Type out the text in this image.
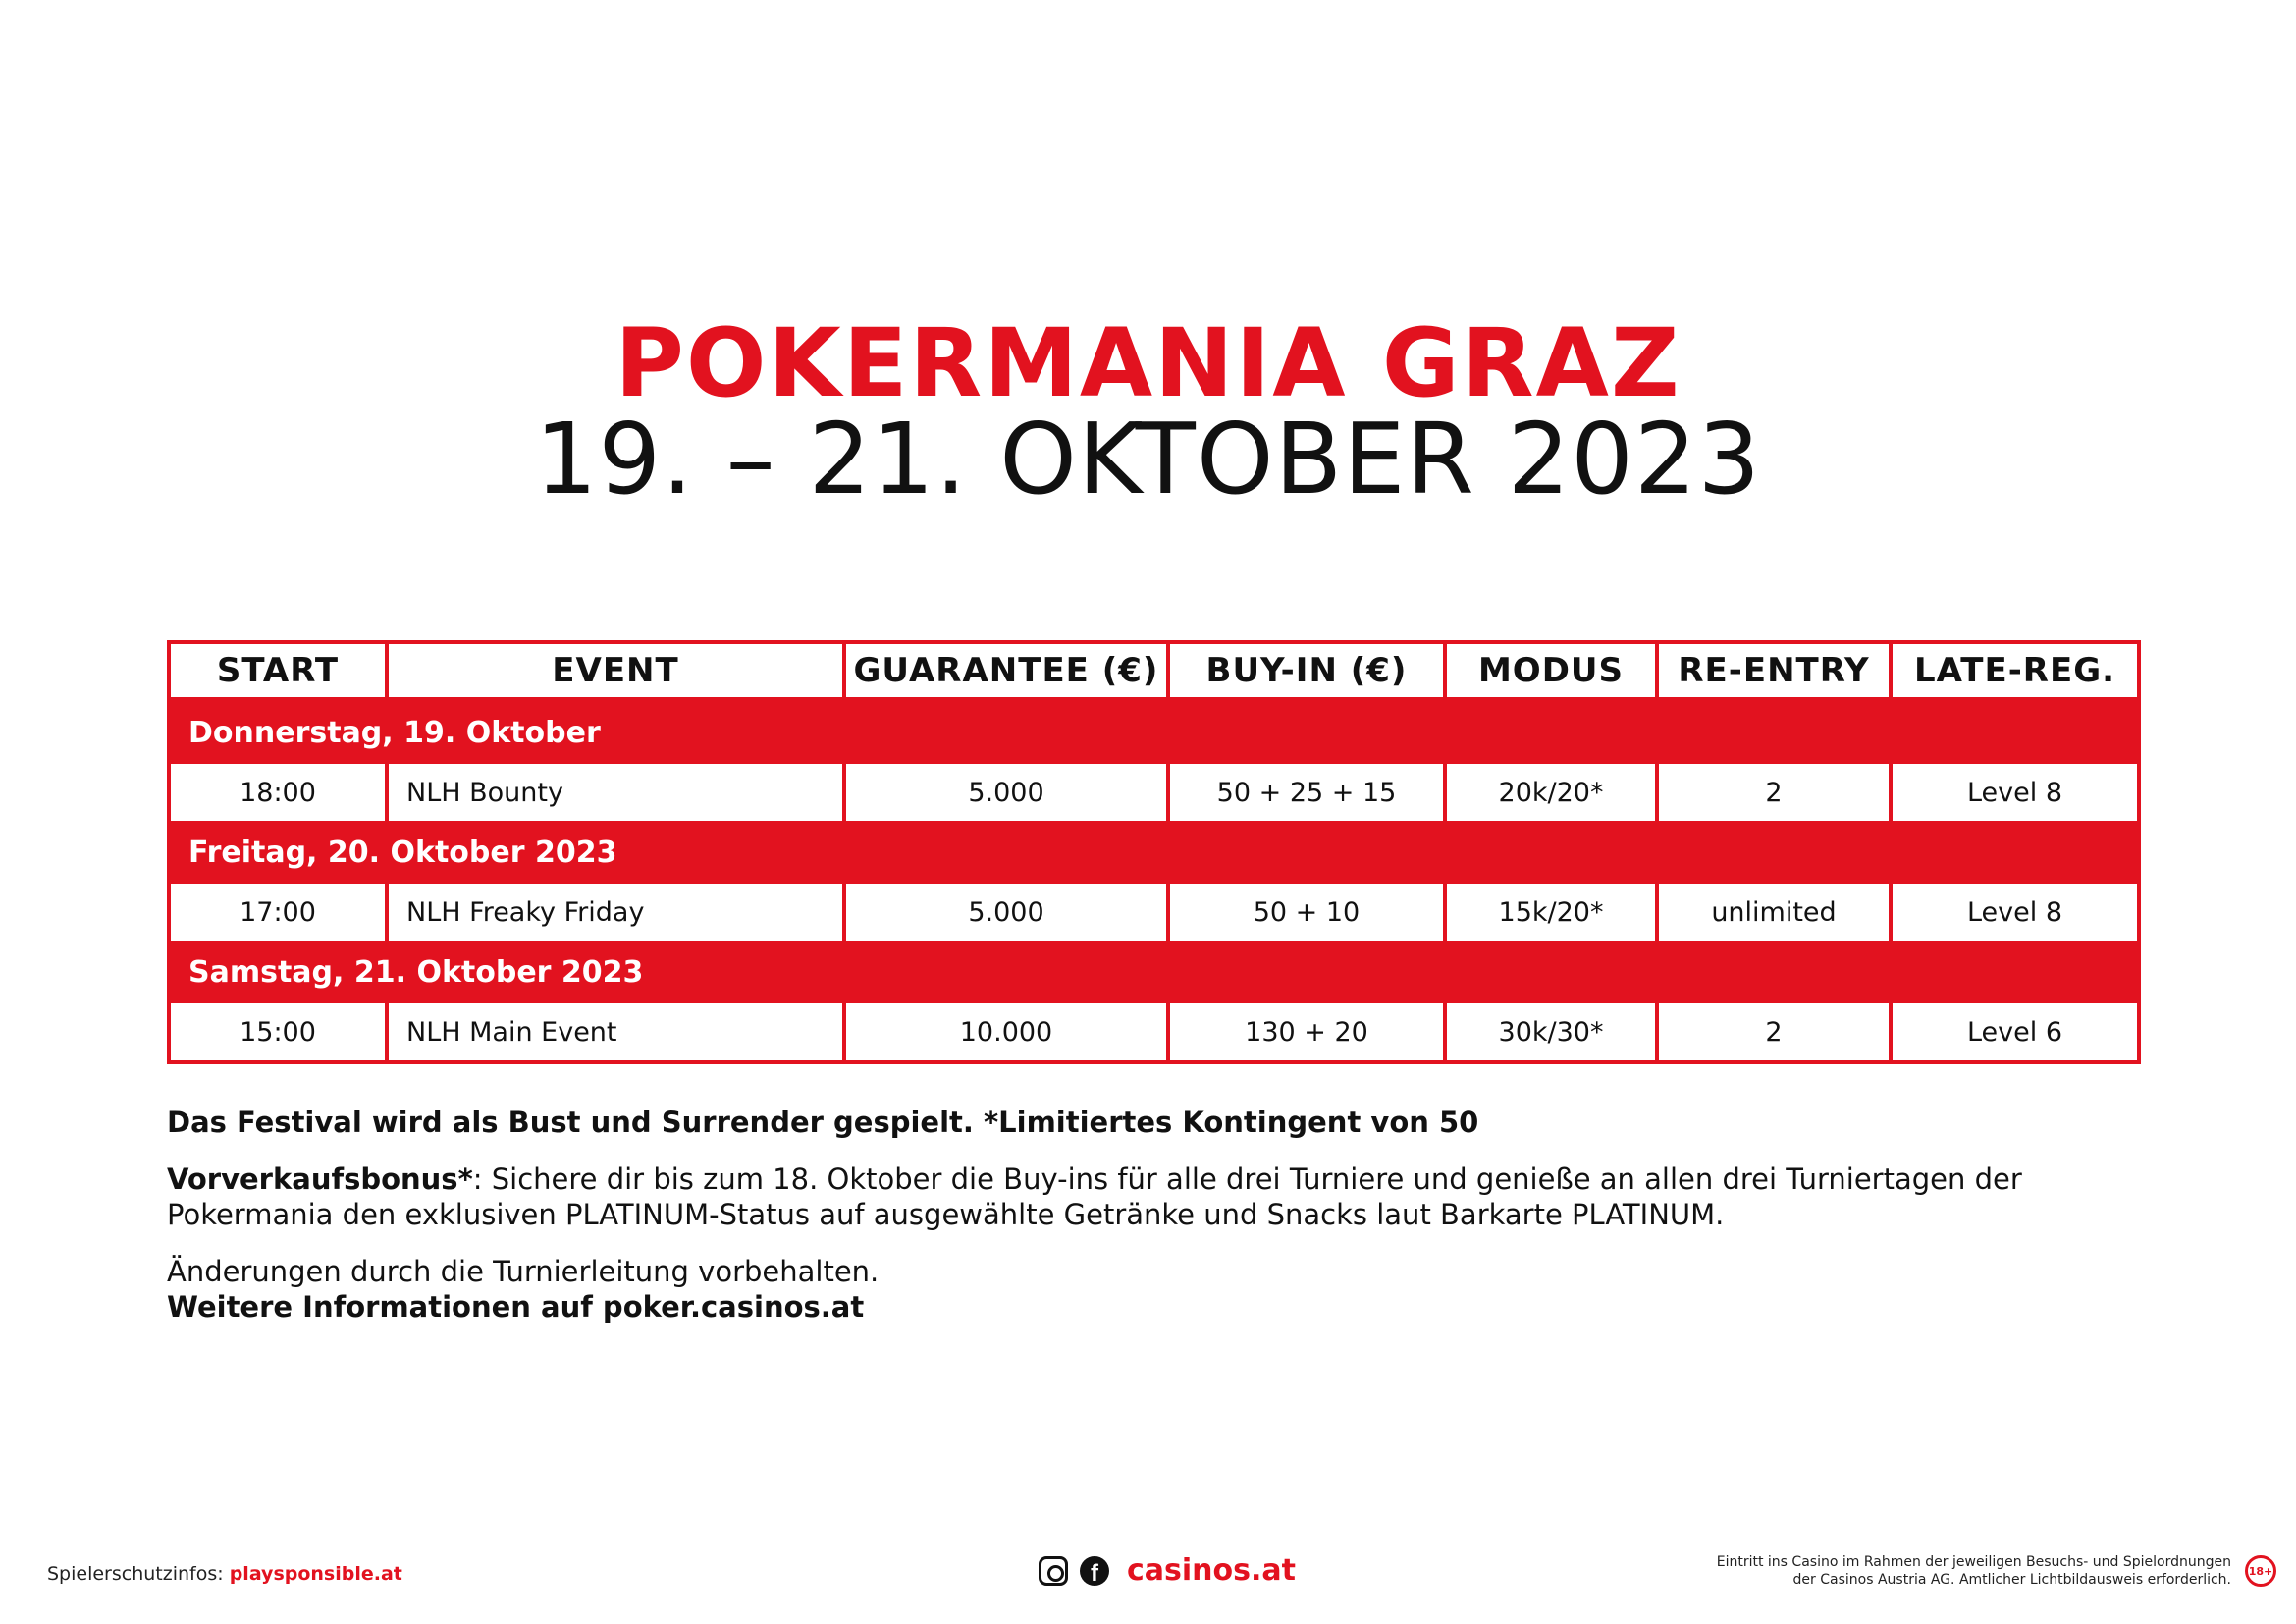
POKERMANIA GRAZ
19. – 21. OKTOBER 2023
START	EVENT	GUARANTEE (€)	BUY-IN (€)	MODUS	RE-ENTRY	LATE-REG.
Donnerstag, 19. Oktober
18:00	NLH Bounty	5.000	50 + 25 + 15	20k/20*	2	Level 8
Freitag, 20. Oktober 2023
17:00	NLH Freaky Friday	5.000	50 + 10	15k/20*	unlimited	Level 8
Samstag, 21. Oktober 2023
15:00	NLH Main Event	10.000	130 + 20	30k/30*	2	Level 6

Das Festival wird als Bust und Surrender gespielt. *Limitiertes Kontingent von 50

Vorverkaufsbonus*: Sichere dir bis zum 18. Oktober die Buy-ins für alle drei Turniere und genieße an allen drei Turniertagen der Pokermania den exklusiven PLATINUM-Status auf ausgewählte Getränke und Snacks laut Barkarte PLATINUM.

Änderungen durch die Turnierleitung vorbehalten.
Weitere Informationen auf poker.casinos.at

Spielerschutzinfos: playsponsible.at	f casinos.at	Eintritt ins Casino im Rahmen der jeweiligen Besuchs- und Spielordnungen
der Casinos Austria AG. Amtlicher Lichtbildausweis erforderlich.
18+
